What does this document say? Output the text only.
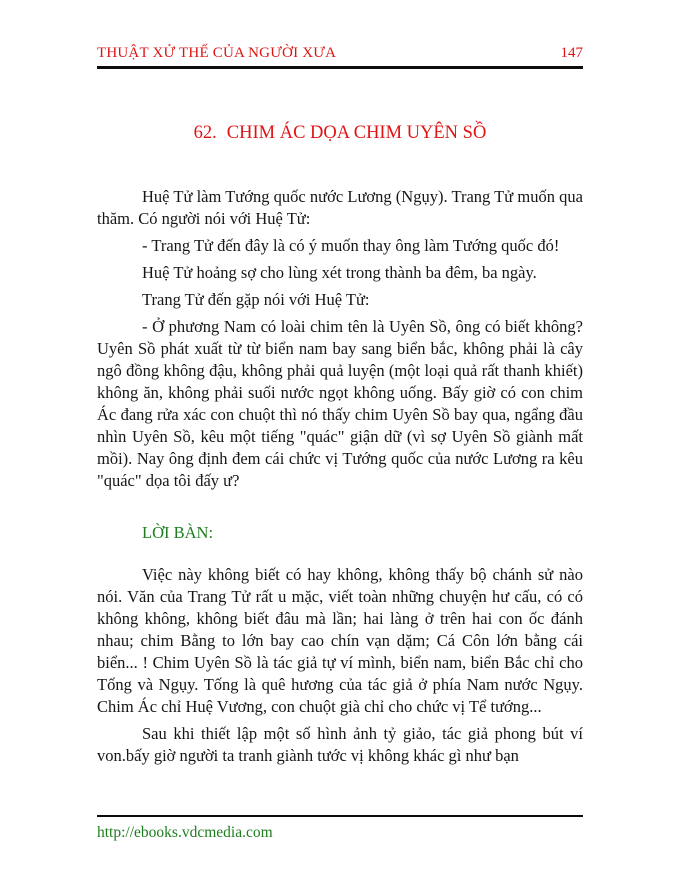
THUẬT XỬ THẾ CỦA NGƯỜI XƯA	147
62. CHIM ÁC DỌA CHIM UYÊN SỒ

Huệ Tử làm Tướng quốc nước Lương (Ngụy). Trang Tử muốn qua thăm. Có người nói với Huệ Tử:

- Trang Tử đến đây là có ý muốn thay ông làm Tướng quốc đó!

Huệ Tử hoảng sợ cho lùng xét trong thành ba đêm, ba ngày.

Trang Tử đến gặp nói với Huệ Tử:

- Ở phương Nam có loài chim tên là Uyên Sồ, ông có biết không? Uyên Sồ phát xuất từ từ biển nam bay sang biển bắc, không phải là cây ngô đồng không đậu, không phải quả luyện (một loại quả rất thanh khiết) không ăn, không phải suối nước ngọt không uống. Bấy giờ có con chim Ác đang rửa xác con chuột thì nó thấy chim Uyên Sồ bay qua, ngẩng đầu nhìn Uyên Sồ, kêu một tiếng "quác" giận dữ (vì sợ Uyên Sồ giành mất mồi). Nay ông định đem cái chức vị Tướng quốc của nước Lương ra kêu "quác" dọa tôi đấy ư?

LỜI BÀN:

Việc này không biết có hay không, không thấy bộ chánh sử nào nói. Văn của Trang Tử rất u mặc, viết toàn những chuyện hư cấu, có có không không, không biết đâu mà lần; hai làng ở trên hai con ốc đánh nhau; chim Bằng to lớn bay cao chín vạn dặm; Cá Côn lớn bằng cái biển... ! Chim Uyên Sồ là tác giả tự ví mình, biển nam, biển Bắc chỉ cho Tống và Ngụy. Tống là quê hương của tác giả ở phía Nam nước Ngụy. Chim Ác chỉ Huệ Vương, con chuột già chỉ cho chức vị Tể tướng...

Sau khi thiết lập một số hình ảnh tỷ giảo, tác giả phong bút ví von.bấy giờ người ta tranh giành tước vị không khác gì như bạn

http://ebooks.vdcmedia.com
